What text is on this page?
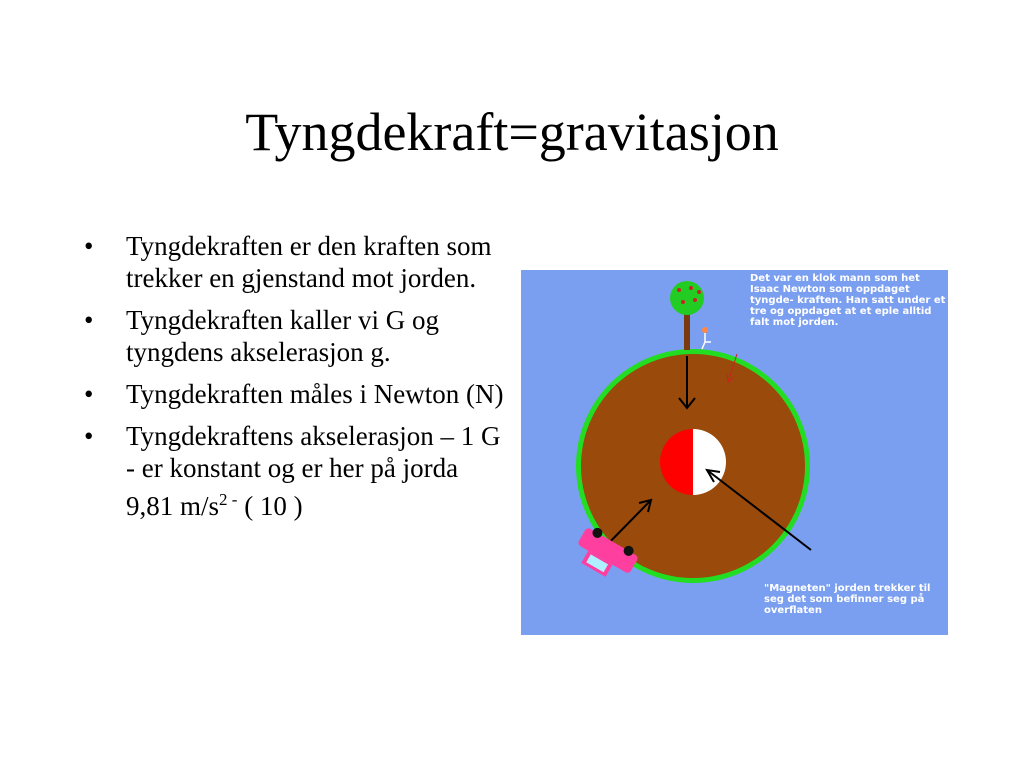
Tyngdekraft=gravitasjon
• Tyngdekraften er den kraften som trekker en gjenstand mot jorden.
• Tyngdekraften kaller vi G og tyngdens akselerasjon g.
• Tyngdekraften måles i Newton (N)
• Tyngdekraftens akselerasjon – 1 G - er konstant og er her på jorda 9,81 $m/s^{2 -}$ ( 10 )
Det var en klok mann som het Isaac Newton som oppdaget tyngde- kraften. Han satt under et tre og oppdaget at et eple alltid falt mot jorden.
"Magneten" jorden trekker til seg det som befinner seg på overflaten
